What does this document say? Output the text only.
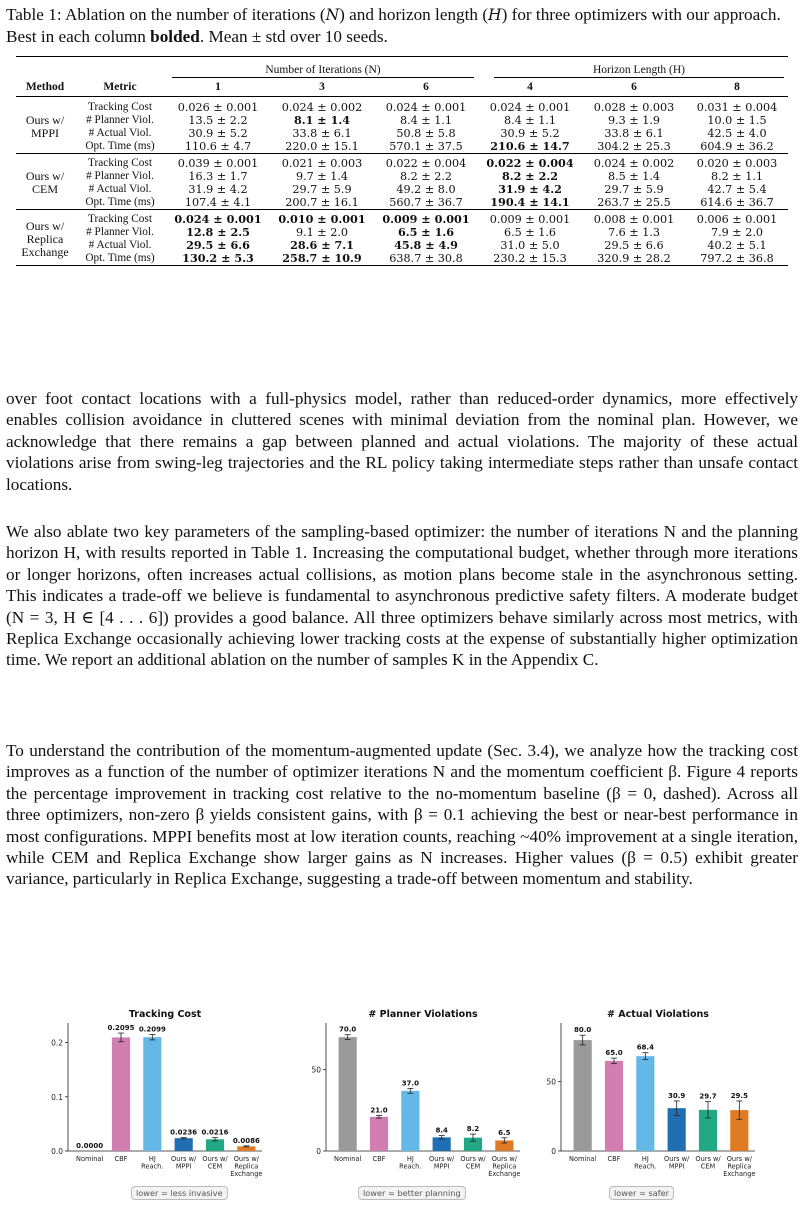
Table 1: Ablation on the number of iterations (N) and horizon length (H) for three optimizers with our approach. Best in each column bolded. Mean ± std over 10 seeds.

		Number of Iterations (N)			Horizon Length (H)		

Method	Metric	1	3	6	4	6	8

Ours w/
MPPI	Tracking Cost	0.026 ± 0.001	0.024 ± 0.002	0.024 ± 0.001	0.024 ± 0.001	0.028 ± 0.003	0.031 ± 0.004
	# Planner Viol.	13.5 ± 2.2	8.1 ± 1.4	8.4 ± 1.1	8.4 ± 1.1	9.3 ± 1.9	10.0 ± 1.5
	# Actual Viol.	30.9 ± 5.2	33.8 ± 6.1	50.8 ± 5.8	30.9 ± 5.2	33.8 ± 6.1	42.5 ± 4.0
	Opt. Time (ms)	110.6 ± 4.7	220.0 ± 15.1	570.1 ± 37.5	210.6 ± 14.7	304.2 ± 25.3	604.9 ± 36.2

Ours w/
CEM	Tracking Cost	0.039 ± 0.001	0.021 ± 0.003	0.022 ± 0.004	0.022 ± 0.004	0.024 ± 0.002	0.020 ± 0.003
	# Planner Viol.	16.3 ± 1.7	9.7 ± 1.4	8.2 ± 2.2	8.2 ± 2.2	8.5 ± 1.4	8.2 ± 1.1
	# Actual Viol.	31.9 ± 4.2	29.7 ± 5.9	49.2 ± 8.0	31.9 ± 4.2	29.7 ± 5.9	42.7 ± 5.4
	Opt. Time (ms)	107.4 ± 4.1	200.7 ± 16.1	560.7 ± 36.7	190.4 ± 14.1	263.7 ± 25.5	614.6 ± 36.7

Ours w/
Replica
Exchange	Tracking Cost	0.024 ± 0.001	0.010 ± 0.001	0.009 ± 0.001	0.009 ± 0.001	0.008 ± 0.001	0.006 ± 0.001
	# Planner Viol.	12.8 ± 2.5	9.1 ± 2.0	6.5 ± 1.6	6.5 ± 1.6	7.6 ± 1.3	7.9 ± 2.0
	# Actual Viol.	29.5 ± 6.6	28.6 ± 7.1	45.8 ± 4.9	31.0 ± 5.0	29.5 ± 6.6	40.2 ± 5.1
	Opt. Time (ms)	130.2 ± 5.3	258.7 ± 10.9	638.7 ± 30.8	230.2 ± 15.3	320.9 ± 28.2	797.2 ± 36.8

over foot contact locations with a full-physics model, rather than reduced-order dynamics, more effectively enables collision avoidance in cluttered scenes with minimal deviation from the nominal plan. However, we acknowledge that there remains a gap between planned and actual violations. The majority of these actual violations arise from swing-leg trajectories and the RL policy taking intermediate steps rather than unsafe contact locations.
We also ablate two key parameters of the sampling-based optimizer: the number of iterations N and the planning horizon H, with results reported in Table 1. Increasing the computational budget, whether through more iterations or longer horizons, often increases actual collisions, as motion plans become stale in the asynchronous setting. This indicates a trade-off we believe is fundamental to asynchronous predictive safety filters. A moderate budget (N = 3, H ∈ [4 . . . 6]) provides a good balance. All three optimizers behave similarly across most metrics, with Replica Exchange occasionally achieving lower tracking costs at the expense of substantially higher optimization time. We report an additional ablation on the number of samples K in the Appendix C.
To understand the contribution of the momentum-augmented update (Sec. 3.4), we analyze how the tracking cost improves as a function of the number of optimizer iterations N and the momentum coefficient β. Figure 4 reports the percentage improvement in tracking cost relative to the no-momentum baseline (β = 0, dashed). Across all three optimizers, non-zero β yields consistent gains, with β = 0.1 achieving the best or near-best performance in most configurations. MPPI benefits most at low iteration counts, reaching ~40% improvement at a single iteration, while CEM and Replica Exchange show larger gains as N increases. Higher values (β = 0.5) exhibit greater variance, particularly in Replica Exchange, suggesting a trade-off between momentum and stability.
Tracking Cost
0.0
0.1
0.2
0.0000
Nominal
0.2095
CBF
0.2099
HJ Reach.
0.0236
Ours w/ MPPI
0.0216
Ours w/ CEM
0.0086
Ours w/ Replica Exchange
lower = less invasive
# Planner Violations
0
50
70.0
Nominal
21.0
CBF
37.0
HJ Reach.
8.4
Ours w/ MPPI
8.2
Ours w/ CEM
6.5
Ours w/ Replica Exchange
lower = better planning
# Actual Violations
0
50
80.0
Nominal
65.0
CBF
68.4
HJ Reach.
30.9
Ours w/ MPPI
29.7
Ours w/ CEM
29.5
Ours w/ Replica Exchange
lower = safer
